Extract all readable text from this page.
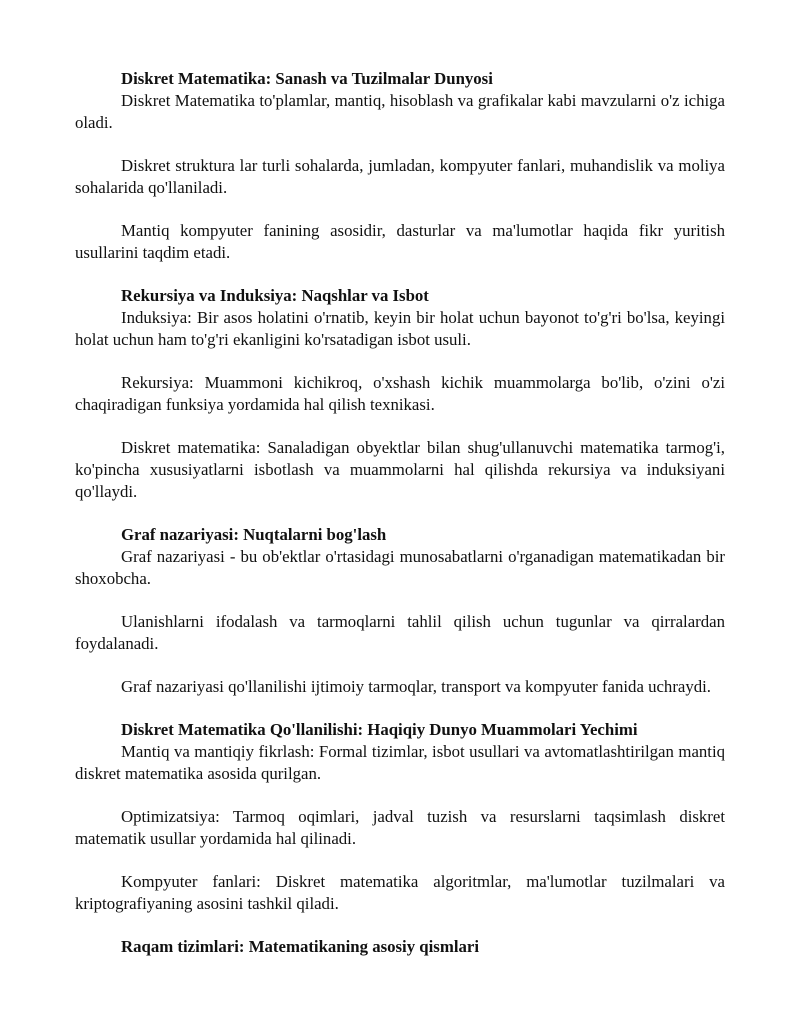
Diskret Matematika: Sanash va Tuzilmalar Dunyosi

Diskret Matematika to'plamlar, mantiq, hisoblash va grafikalar kabi mavzularni o'z ichiga oladi.

Diskret struktura lar turli sohalarda, jumladan, kompyuter fanlari, muhandislik va moliya sohalarida qo'llaniladi.

Mantiq kompyuter fanining asosidir, dasturlar va ma'lumotlar haqida fikr yuritish usullarini taqdim etadi.

Rekursiya va Induksiya: Naqshlar va Isbot

Induksiya: Bir asos holatini o'rnatib, keyin bir holat uchun bayonot to'g'ri bo'lsa, keyingi holat uchun ham to'g'ri ekanligini ko'rsatadigan isbot usuli.

Rekursiya: Muammoni kichikroq, o'xshash kichik muammolarga bo'lib, o'zini o'zi chaqiradigan funksiya yordamida hal qilish texnikasi.

Diskret matematika: Sanaladigan obyektlar bilan shug'ullanuvchi matematika tarmog'i, ko'pincha xususiyatlarni isbotlash va muammolarni hal qilishda rekursiya va induksiyani qo'llaydi.

Graf nazariyasi: Nuqtalarni bog'lash

Graf nazariyasi - bu ob'ektlar o'rtasidagi munosabatlarni o'rganadigan matematikadan bir shoxobcha.

Ulanishlarni ifodalash va tarmoqlarni tahlil qilish uchun tugunlar va qirralardan foydalanadi.

Graf nazariyasi qo'llanilishi ijtimoiy tarmoqlar, transport va kompyuter fanida uchraydi.

Diskret Matematika Qo'llanilishi: Haqiqiy Dunyo Muammolari Yechimi

Mantiq va mantiqiy fikrlash: Formal tizimlar, isbot usullari va avtomatlashtirilgan mantiq diskret matematika asosida qurilgan.

Optimizatsiya: Tarmoq oqimlari, jadval tuzish va resurslarni taqsimlash diskret matematik usullar yordamida hal qilinadi.

Kompyuter fanlari: Diskret matematika algoritmlar, ma'lumotlar tuzilmalari va kriptografiyaning asosini tashkil qiladi.

Raqam tizimlari: Matematikaning asosiy qismlari
